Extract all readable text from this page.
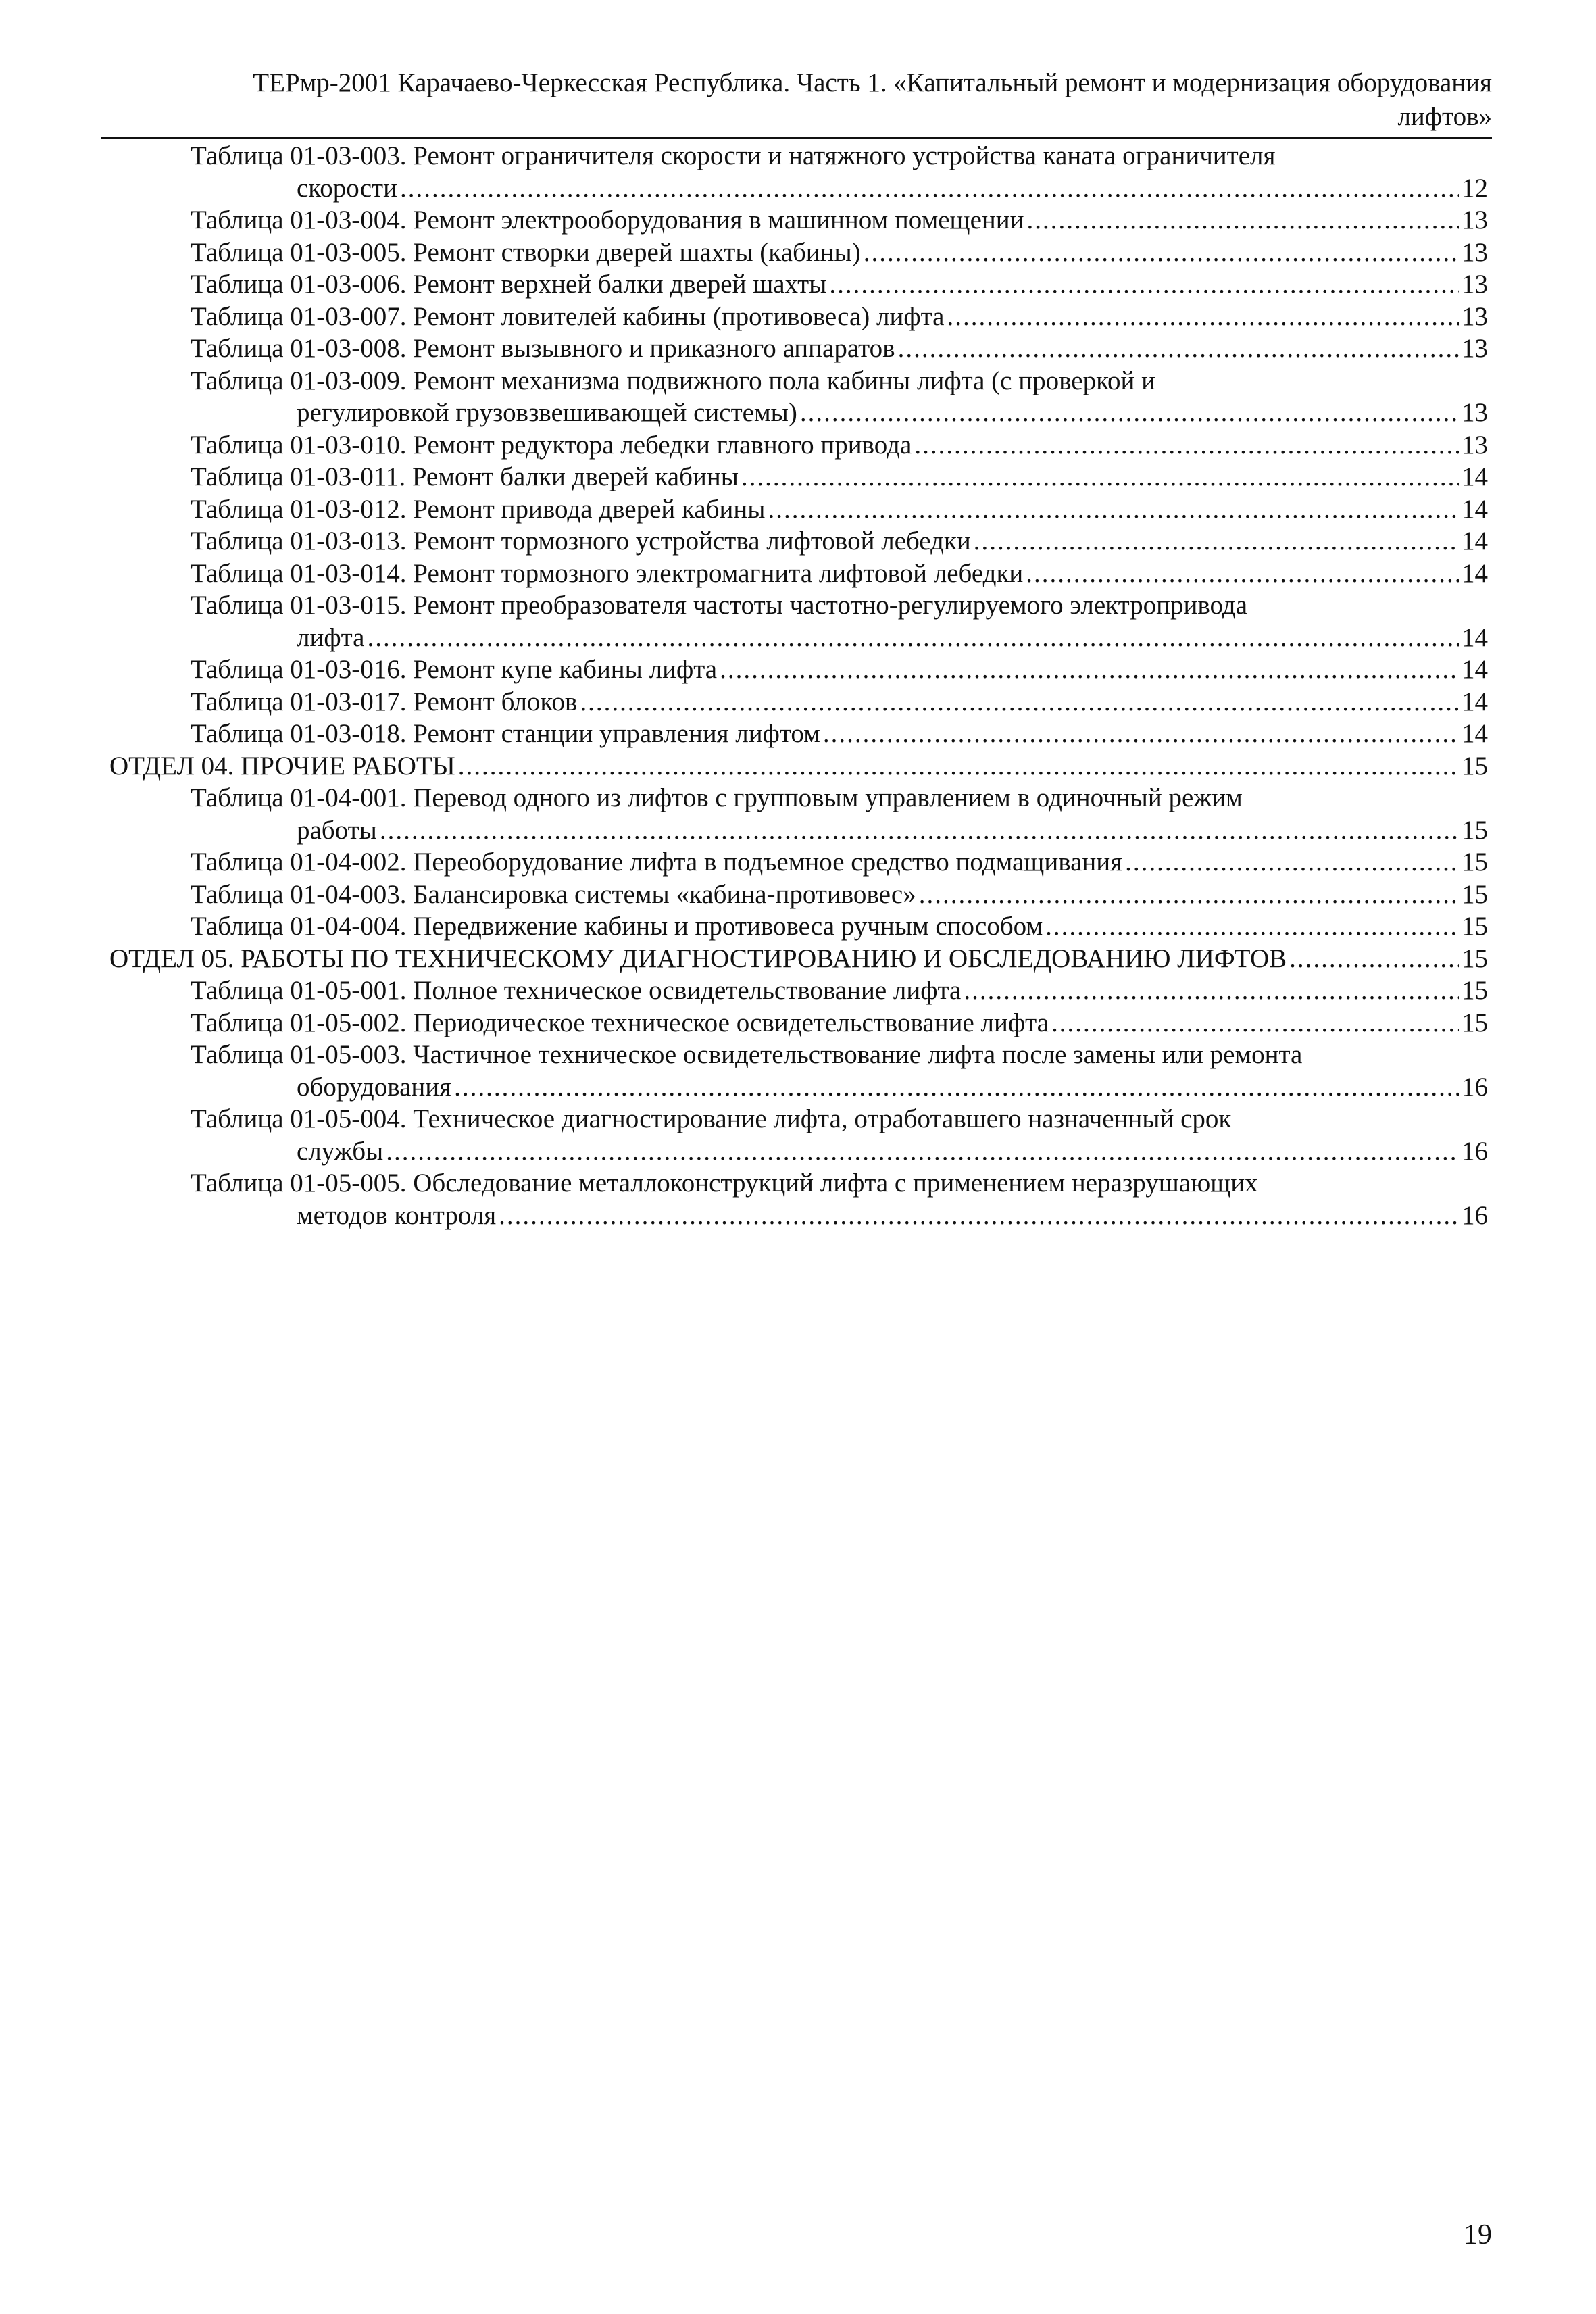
ТЕРмр-2001 Карачаево-Черкесская Республика. Часть 1. «Капитальный ремонт и модернизация оборудования
лифтов»
Таблица 01-03-003. Ремонт ограничителя скорости и натяжного устройства каната ограничителя
скорости .....	12
Таблица 01-03-004. Ремонт электрооборудования в машинном помещении .....	13
Таблица 01-03-005. Ремонт створки дверей шахты (кабины) .....	13
Таблица 01-03-006. Ремонт верхней балки дверей шахты .....	13
Таблица 01-03-007. Ремонт ловителей кабины (противовеса) лифта .....	13
Таблица 01-03-008. Ремонт вызывного и приказного аппаратов .....	13
Таблица 01-03-009. Ремонт механизма подвижного пола кабины лифта (с проверкой и
регулировкой грузовзвешивающей системы) .....	13
Таблица 01-03-010. Ремонт редуктора лебедки главного привода .....	13
Таблица 01-03-011. Ремонт балки дверей кабины .....	14
Таблица 01-03-012. Ремонт привода дверей кабины .....	14
Таблица 01-03-013. Ремонт тормозного устройства лифтовой лебедки .....	14
Таблица 01-03-014. Ремонт тормозного электромагнита лифтовой лебедки .....	14
Таблица 01-03-015. Ремонт преобразователя частоты частотно-регулируемого электропривода
лифта .....	14
Таблица 01-03-016. Ремонт купе кабины лифта .....	14
Таблица 01-03-017. Ремонт блоков .....	14
Таблица 01-03-018. Ремонт станции управления лифтом .....	14
ОТДЕЛ 04. ПРОЧИЕ РАБОТЫ .....	15
Таблица 01-04-001. Перевод одного из лифтов с групповым управлением в одиночный режим
работы .....	15
Таблица 01-04-002. Переоборудование лифта в подъемное средство подмащивания .....	15
Таблица 01-04-003. Балансировка системы «кабина-противовес» .....	15
Таблица 01-04-004. Передвижение кабины и противовеса ручным способом .....	15
ОТДЕЛ 05. РАБОТЫ ПО ТЕХНИЧЕСКОМУ ДИАГНОСТИРОВАНИЮ И ОБСЛЕДОВАНИЮ ЛИФТОВ .....	15
Таблица 01-05-001. Полное техническое освидетельствование лифта .....	15
Таблица 01-05-002. Периодическое техническое освидетельствование лифта .....	15
Таблица 01-05-003. Частичное техническое освидетельствование лифта после замены или ремонта
оборудования .....	16
Таблица 01-05-004. Техническое диагностирование лифта, отработавшего назначенный срок
службы .....	16
Таблица 01-05-005. Обследование металлоконструкций лифта с применением неразрушающих
методов контроля .....	16
19
